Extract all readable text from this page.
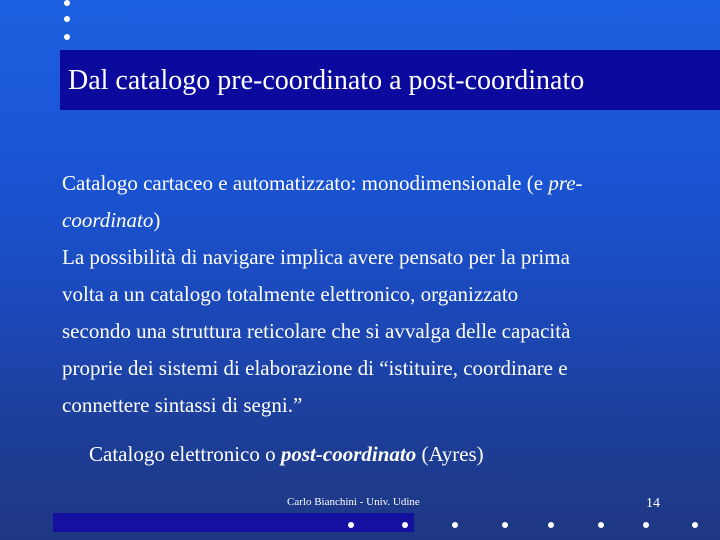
Dal catalogo pre-coordinato a post-coordinato

Catalogo cartaceo e automatizzato: monodimensionale (e pre-
coordinato)

La possibilità di navigare implica avere pensato per la prima
volta a un catalogo totalmente elettronico, organizzato
secondo una struttura reticolare che si avvalga delle capacità
proprie dei sistemi di elaborazione di “istituire, coordinare e
connettere sintassi di segni.”

Catalogo elettronico o post-coordinato (Ayres)
Carlo Bianchini - Univ. Udine	14
